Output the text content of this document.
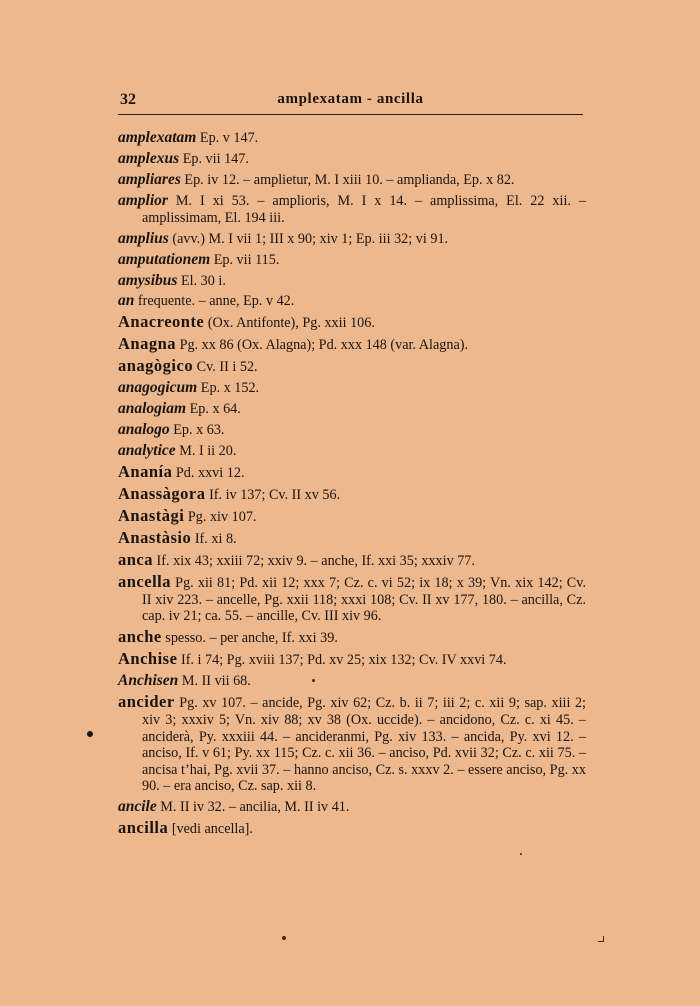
32	amplexatam - ancilla
amplexatam Ep. v 147.
amplexus Ep. vii 147.
ampliares Ep. iv 12. – amplietur, M. I xiii 10. – amplianda, Ep. x 82.
amplior M. I xi 53. – amplioris, M. I x 14. – amplissima, El. 22 xii. – amplissimam, El. 194 iii.
amplius (avv.) M. I vii 1; III x 90; xiv 1; Ep. iii 32; vi 91.
amputationem Ep. vii 115.
amysibus El. 30 i.
an frequente. – anne, Ep. v 42.
Anacreonte (Ox. Antifonte), Pg. xxii 106.
Anagna Pg. xx 86 (Ox. Alagna); Pd. xxx 148 (var. Alagna).
anagògico Cv. II i 52.
anagogicum Ep. x 152.
analogiam Ep. x 64.
analogo Ep. x 63.
analytice M. I ii 20.
Ananía Pd. xxvi 12.
Anassàgora If. iv 137; Cv. II xv 56.
Anastàgi Pg. xiv 107.
Anastàsio If. xi 8.
anca If. xix 43; xxiii 72; xxiv 9. – anche, If. xxi 35; xxxiv 77.
ancella Pg. xii 81; Pd. xii 12; xxx 7; Cz. c. vi 52; ix 18; x 39; Vn. xix 142; Cv. II xiv 223. – ancelle, Pg. xxii 118; xxxi 108; Cv. II xv 177, 180. – ancilla, Cz. cap. iv 21; ca. 55. – ancille, Cv. III xiv 96.
anche spesso. – per anche, If. xxi 39.
Anchise If. i 74; Pg. xviii 137; Pd. xv 25; xix 132; Cv. IV xxvi 74.
Anchisen M. II vii 68.
ancider Pg. xv 107. – ancide, Pg. xiv 62; Cz. b. ii 7; iii 2; c. xii 9; sap. xiii 2; xiv 3; xxxiv 5; Vn. xiv 88; xv 38 (Ox. uccide). – ancidono, Cz. c. xi 45. – anciderà, Py. xxxiii 44. – ancideranmi, Pg. xiv 133. – ancida, Py. xvi 12. – anciso, If. v 61; Py. xx 115; Cz. c. xii 36. – anciso, Pd. xvii 32; Cz. c. xii 75. – ancisa t’hai, Pg. xvii 37. – hanno anciso, Cz. s. xxxv 2. – essere anciso, Pg. xx 90. – era anciso, Cz. sap. xii 8.
ancile M. II iv 32. – ancilia, M. II iv 41.
ancilla [vedi ancella].
